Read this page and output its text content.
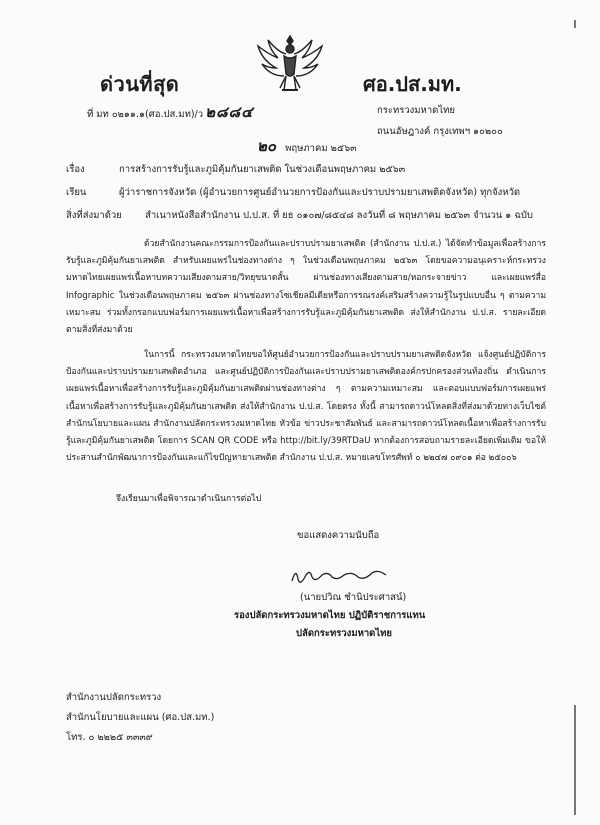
ด่วนที่สุด	ศอ.ปส.มท.
ที่ มท ๐๒๑๑.๑(ศอ.ปส.มท)/ว ๒๘๘๔	กระทรวงมหาดไทย
ถนนอัษฎางค์ กรุงเทพฯ ๑๐๒๐๐
๒๐ พฤษภาคม ๒๕๖๓
เรื่อง	การสร้างการรับรู้และภูมิคุ้มกันยาเสพติด ในช่วงเดือนพฤษภาคม ๒๕๖๓
เรียน	ผู้ว่าราชการจังหวัด (ผู้อำนวยการศูนย์อำนวยการป้องกันและปราบปรามยาเสพติดจังหวัด) ทุกจังหวัด
สิ่งที่ส่งมาด้วย สำเนาหนังสือสำนักงาน ป.ป.ส. ที่ ยธ ๐๑๐๗/๘๕๔๘ ลงวันที่ ๘ พฤษภาคม ๒๕๖๓ จำนวน ๑ ฉบับ
ด้วยสำนักงานคณะกรรมการป้องกันและปราบปรามยาเสพติด (สำนักงาน ป.ป.ส.) ได้จัดทำข้อมูลเพื่อสร้างการรับรู้และภูมิคุ้มกันยาเสพติด สำหรับเผยแพร่ในช่องทางต่าง ๆ ในช่วงเดือนพฤษภาคม ๒๕๖๓ โดยขอความอนุเคราะห์กระทรวงมหาดไทยเผยแพร่เนื้อหาบทความเสียงตามสาย/วิทยุขนาดสั้น ผ่านช่องทางเสียงตามสาย/หอกระจายข่าว และเผยแพร่สื่อ Infographic ในช่วงเดือนพฤษภาคม ๒๕๖๓ ผ่านช่องทางโซเชียลมีเดียหรือการรณรงค์เสริมสร้างความรู้ในรูปแบบอื่น ๆ ตามความเหมาะสม ร่วมทั้งกรอกแบบฟอร์มการเผยแพร่เนื้อหาเพื่อสร้างการรับรู้และภูมิคุ้มกันยาเสพติด ส่งให้สำนักงาน ป.ป.ส. รายละเอียดตามสิ่งที่ส่งมาด้วย
ในการนี้ กระทรวงมหาดไทยขอให้ศูนย์อำนวยการป้องกันและปราบปรามยาเสพติดจังหวัด แจ้งศูนย์ปฏิบัติการป้องกันและปราบปรามยาเสพติดอำเภอ และศูนย์ปฏิบัติการป้องกันและปราบปรามยาเสพติดองค์กรปกครองส่วนท้องถิ่น ดำเนินการเผยแพร่เนื้อหาเพื่อสร้างการรับรู้และภูมิคุ้มกันยาเสพติดผ่านช่องทางต่าง ๆ ตามความเหมาะสม และตอบแบบฟอร์มการเผยแพร่เนื้อหาเพื่อสร้างการรับรู้และภูมิคุ้มกันยาเสพติด ส่งให้สำนักงาน ป.ป.ส. โดยตรง ทั้งนี้ สามารถดาวน์โหลดสิ่งที่ส่งมาด้วยทางเว็บไซต์สำนักนโยบายและแผน สำนักงานปลัดกระทรวงมหาดไทย หัวข้อ ข่าวประชาสัมพันธ์ และสามารถดาวน์โหลดเนื้อหาเพื่อสร้างการรับรู้และภูมิคุ้มกันยาเสพติด โดยการ SCAN QR CODE หรือ http://bit.ly/39RTDaU หากต้องการสอบถามรายละเอียดเพิ่มเติม ขอให้ประสานสำนักพัฒนาการป้องกันและแก้ไขปัญหายาเสพติด สำนักงาน ป.ป.ส. หมายเลขโทรศัพท์ ๐ ๒๒๔๗ ๐๙๐๑ ต่อ ๒๕๐๐๖
จึงเรียนมาเพื่อพิจารณาดำเนินการต่อไป
ขอแสดงความนับถือ
(นายปวิณ ชำนิประศาสน์)
รองปลัดกระทรวงมหาดไทย ปฏิบัติราชการแทน
ปลัดกระทรวงมหาดไทย
สำนักงานปลัดกระทรวง
สำนักนโยบายและแผน (ศอ.ปส.มท.)
โทร. ๐ ๒๒๒๕ ๓๓๓๙
